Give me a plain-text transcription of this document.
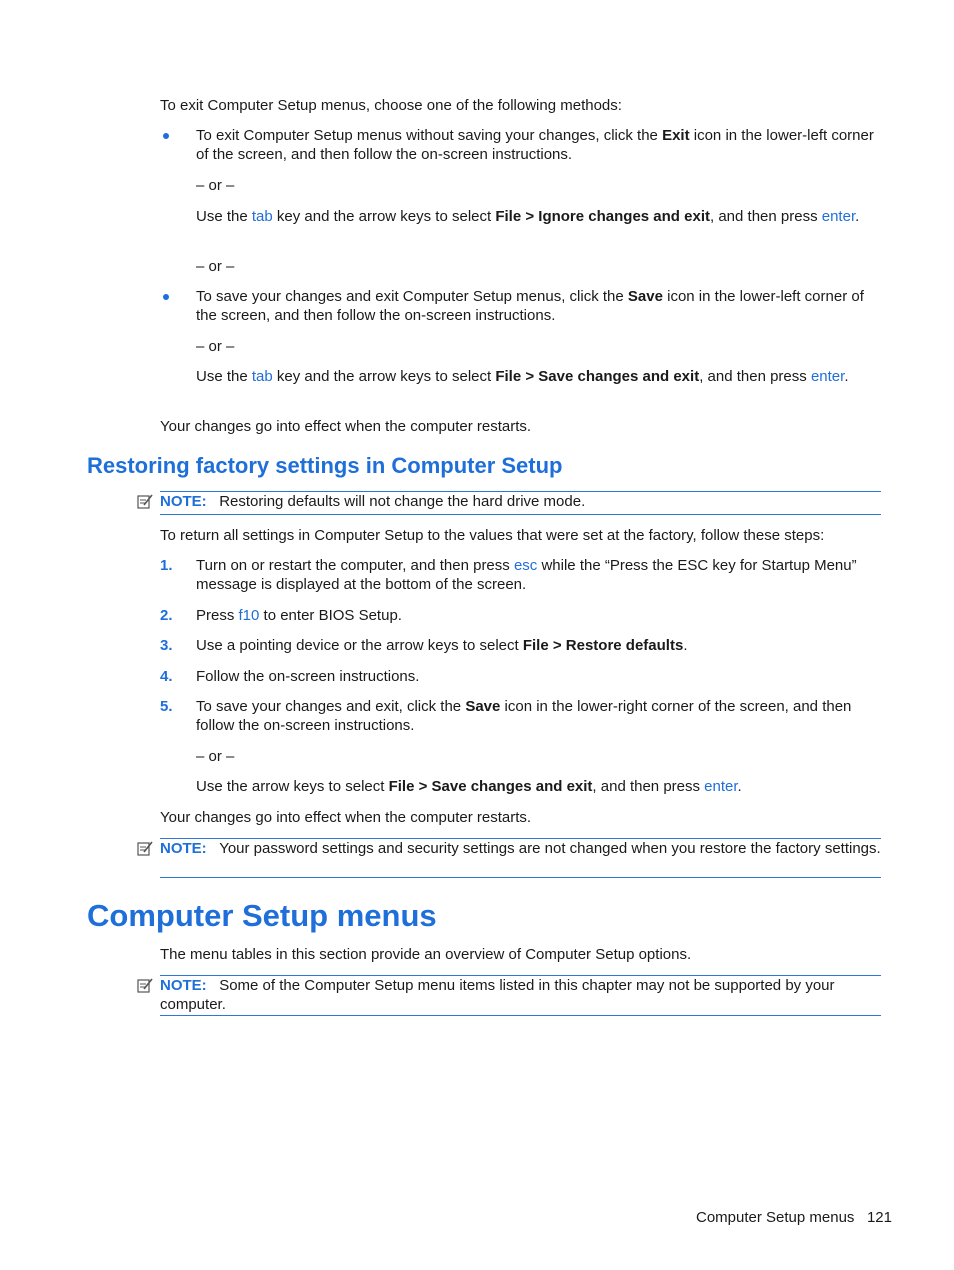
To exit Computer Setup menus, choose one of the following methods:

To exit Computer Setup menus without saving your changes, click the Exit icon in the lower-left corner of the screen, and then follow the on-screen instructions.

– or –

Use the tab key and the arrow keys to select File > Ignore changes and exit, and then press enter.

– or –

To save your changes and exit Computer Setup menus, click the Save icon in the lower-left corner of the screen, and then follow the on-screen instructions.

– or –

Use the tab key and the arrow keys to select File > Save changes and exit, and then press enter.

Your changes go into effect when the computer restarts.

Restoring factory settings in Computer Setup

NOTE: Restoring defaults will not change the hard drive mode.

To return all settings in Computer Setup to the values that were set at the factory, follow these steps:

1. Turn on or restart the computer, and then press esc while the “Press the ESC key for Startup Menu” message is displayed at the bottom of the screen.

2. Press f10 to enter BIOS Setup.

3. Use a pointing device or the arrow keys to select File > Restore defaults.

4. Follow the on-screen instructions.

5. To save your changes and exit, click the Save icon in the lower-right corner of the screen, and then follow the on-screen instructions.

– or –

Use the arrow keys to select File > Save changes and exit, and then press enter.

Your changes go into effect when the computer restarts.

NOTE: Your password settings and security settings are not changed when you restore the factory settings.

Computer Setup menus

The menu tables in this section provide an overview of Computer Setup options.

NOTE: Some of the Computer Setup menu items listed in this chapter may not be supported by your computer.

Computer Setup menus 121
